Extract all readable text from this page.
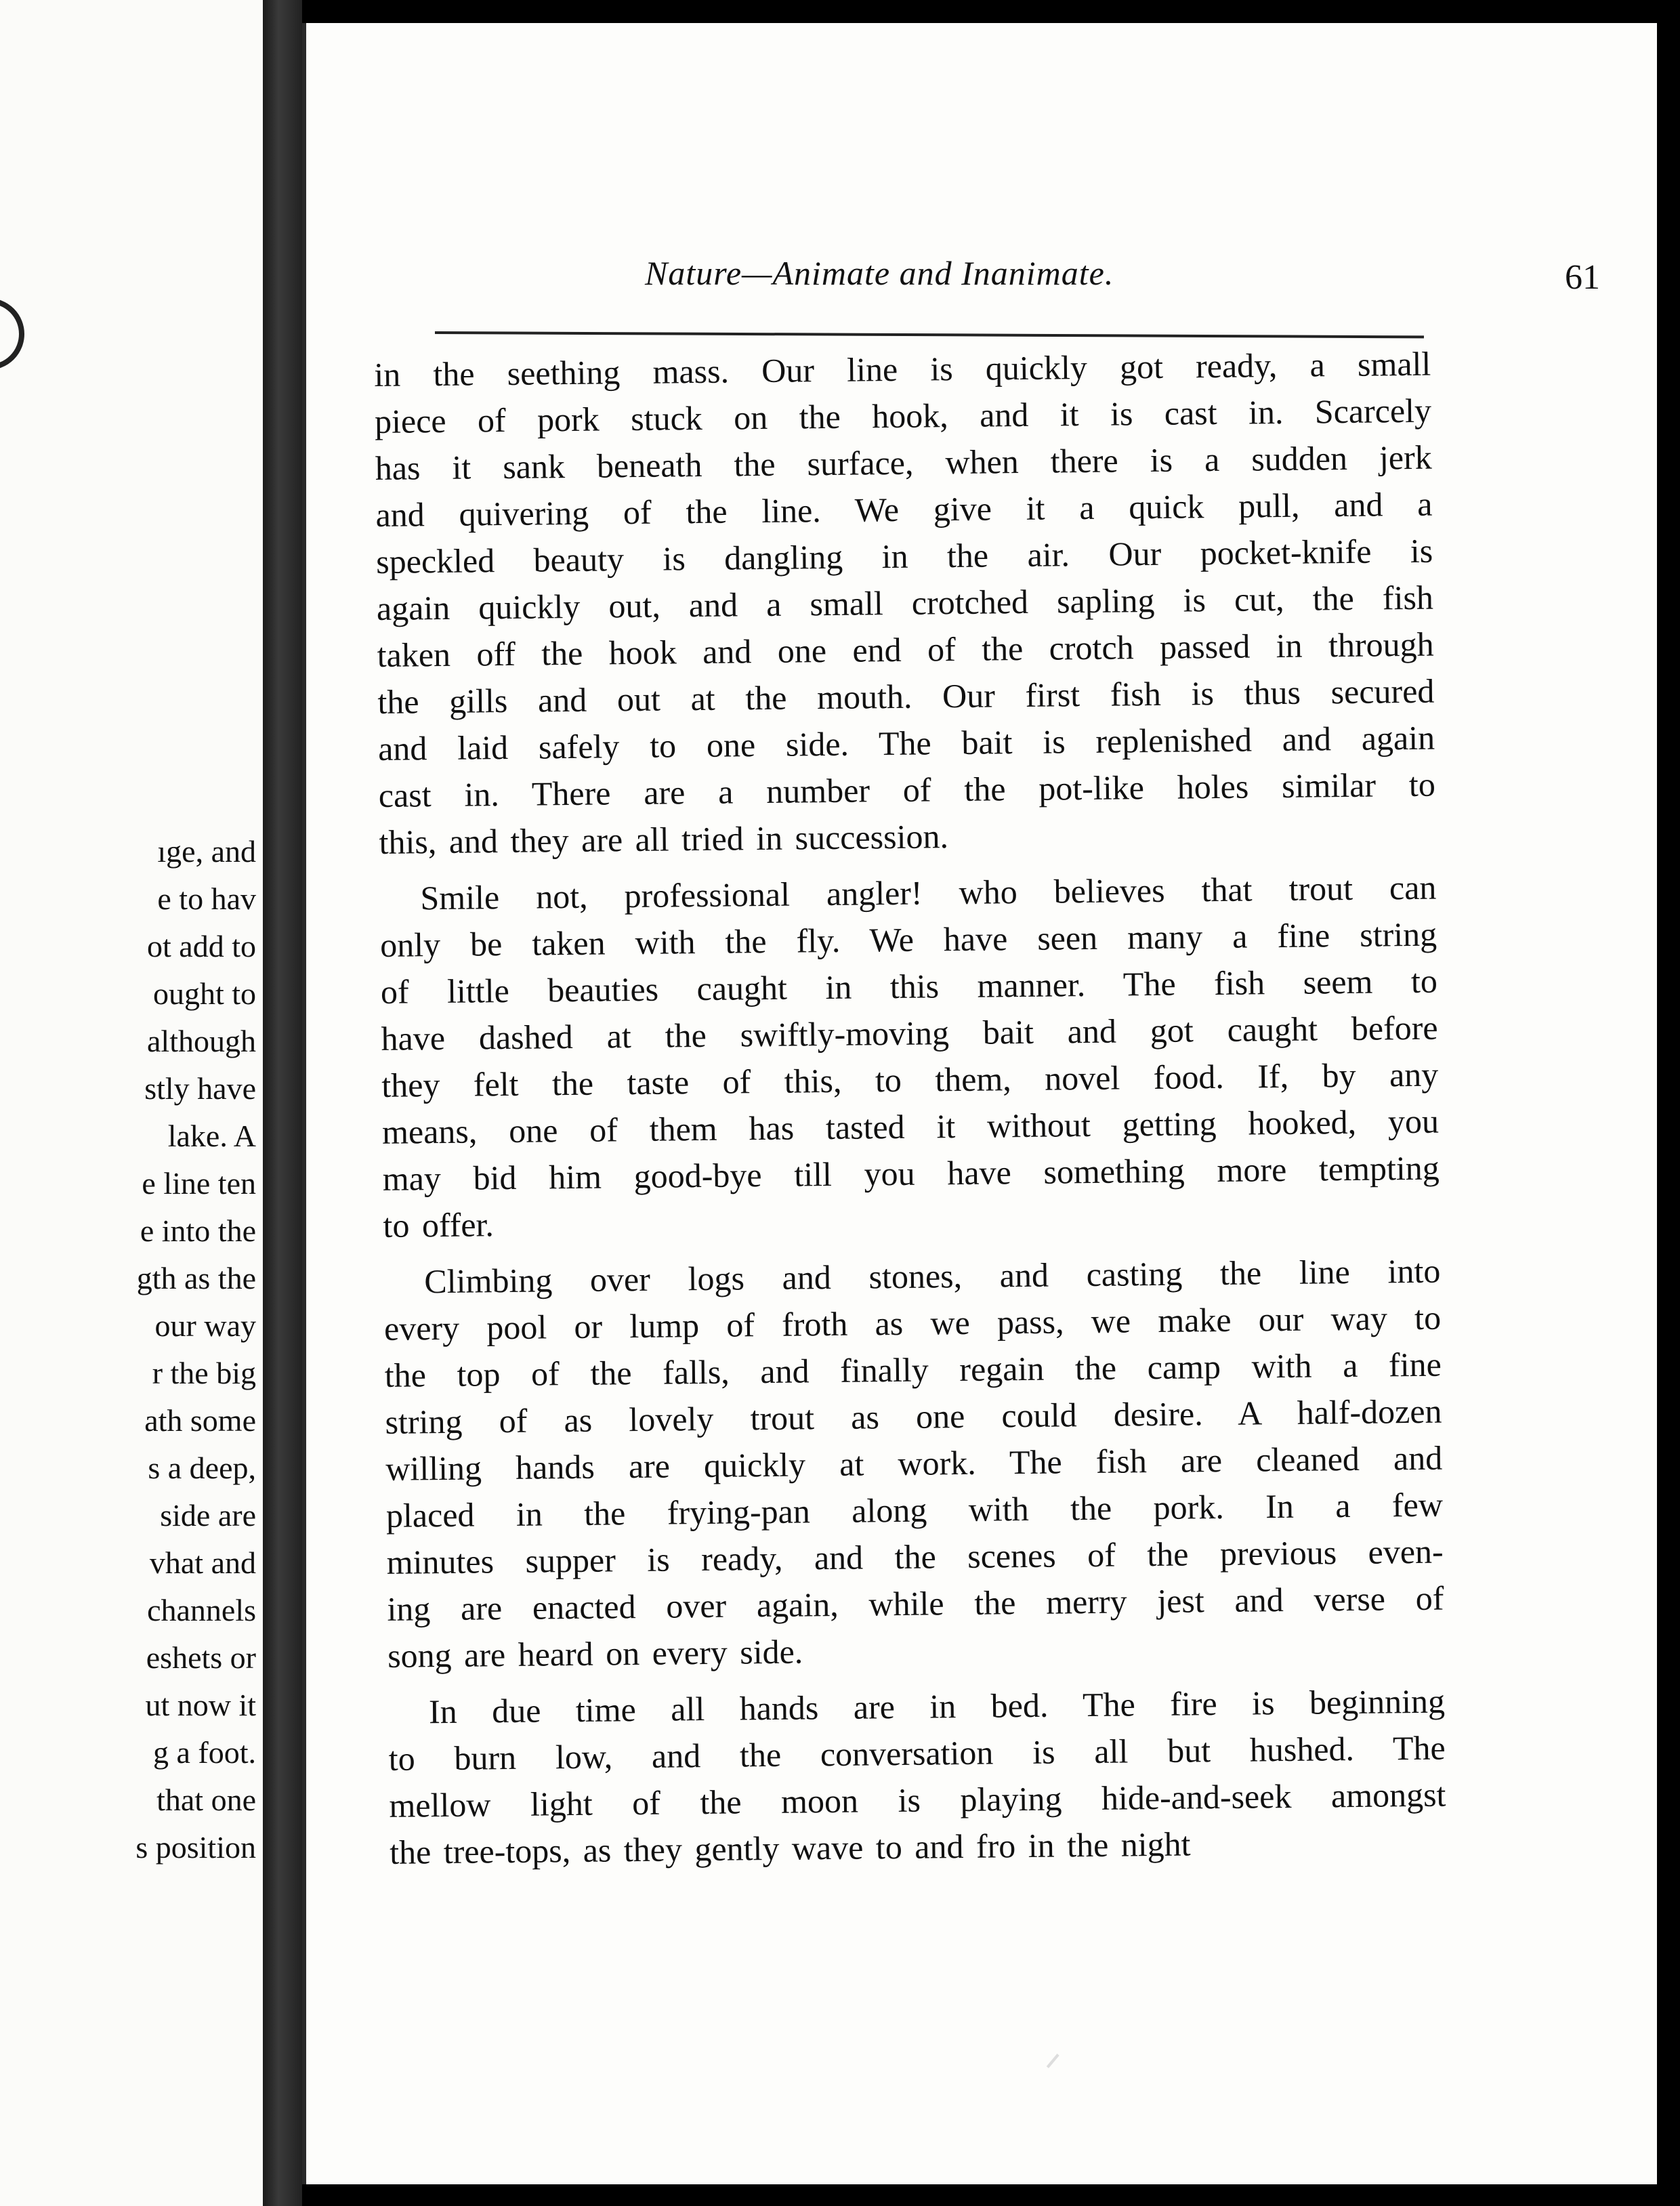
ıge, and
e to hav
ot add to
ought to
although
stly have
lake. A
e line ten
e into the
gth as the
our way
r the big
ath some
s a deep,
side are
vhat and
channels
eshets or
ut now it
g a foot.
that one
s position
Nature—Animate and Inanimate.	61
in the seething mass. Our line is quickly got ready, a small
piece of pork stuck on the hook, and it is cast in. Scarcely
has it sank beneath the surface, when there is a sudden jerk
and quivering of the line. We give it a quick pull, and a
speckled beauty is dangling in the air. Our pocket-knife is
again quickly out, and a small crotched sapling is cut, the fish
taken off the hook and one end of the crotch passed in through
the gills and out at the mouth. Our first fish is thus secured
and laid safely to one side. The bait is replenished and again
cast in. There are a number of the pot-like holes similar to
this, and they are all tried in succession.
Smile not, professional angler! who believes that trout can
only be taken with the fly. We have seen many a fine string
of little beauties caught in this manner. The fish seem to
have dashed at the swiftly-moving bait and got caught before
they felt the taste of this, to them, novel food. If, by any
means, one of them has tasted it without getting hooked, you
may bid him good-bye till you have something more tempting
to offer.
Climbing over logs and stones, and casting the line into
every pool or lump of froth as we pass, we make our way to
the top of the falls, and finally regain the camp with a fine
string of as lovely trout as one could desire. A half-dozen
willing hands are quickly at work. The fish are cleaned and
placed in the frying-pan along with the pork. In a few
minutes supper is ready, and the scenes of the previous even-
ing are enacted over again, while the merry jest and verse of
song are heard on every side.
In due time all hands are in bed. The fire is beginning
to burn low, and the conversation is all but hushed. The
mellow light of the moon is playing hide-and-seek amongst
the tree-tops, as they gently wave to and fro in the night
ᐟ
